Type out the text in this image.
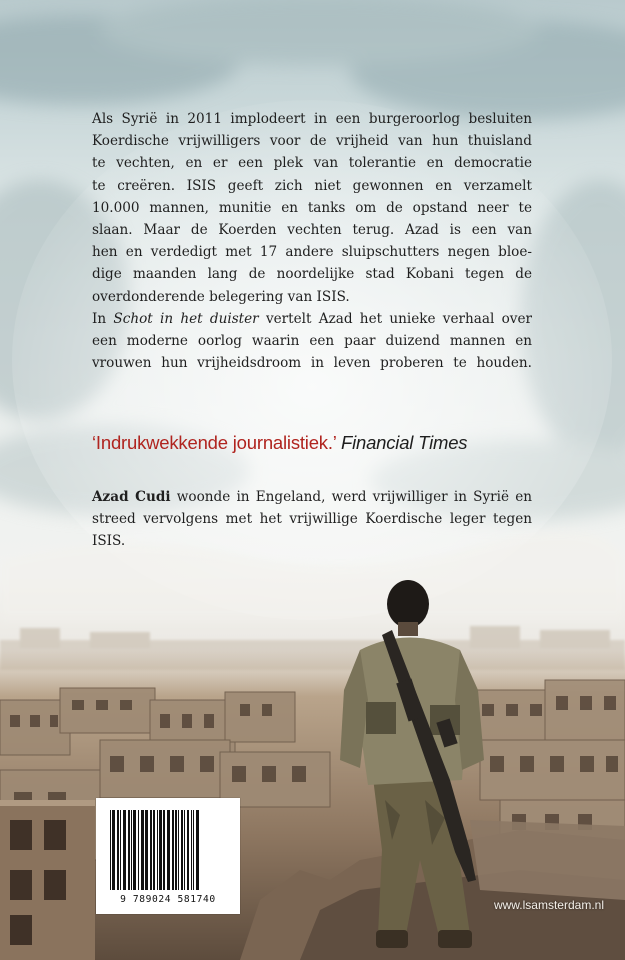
Als Syrië in 2011 implodeert in een burgeroorlog besluiten
Koerdische vrijwilligers voor de vrijheid van hun thuisland
te vechten, en er een plek van tolerantie en democratie
te creëren. ISIS geeft zich niet gewonnen en verzamelt
10.000 mannen, munitie en tanks om de opstand neer te
slaan. Maar de Koerden vechten terug. Azad is een van
hen en verdedigt met 17 andere sluipschutters negen bloe-
dige maanden lang de noordelijke stad Kobani tegen de

overdonderende belegering van ISIS.

In Schot in het duister vertelt Azad het unieke verhaal over
een moderne oorlog waarin een paar duizend mannen en
vrouwen hun vrijheidsdroom in leven proberen te houden.

‘Indrukwekkende journalistiek.’ Financial Times

Azad Cudi woonde in Engeland, werd vrijwilliger in Syrië en streed vervolgens met het vrijwillige Koerdische leger tegen ISIS.

9 789024 581740	www.lsamsterdam.nl
